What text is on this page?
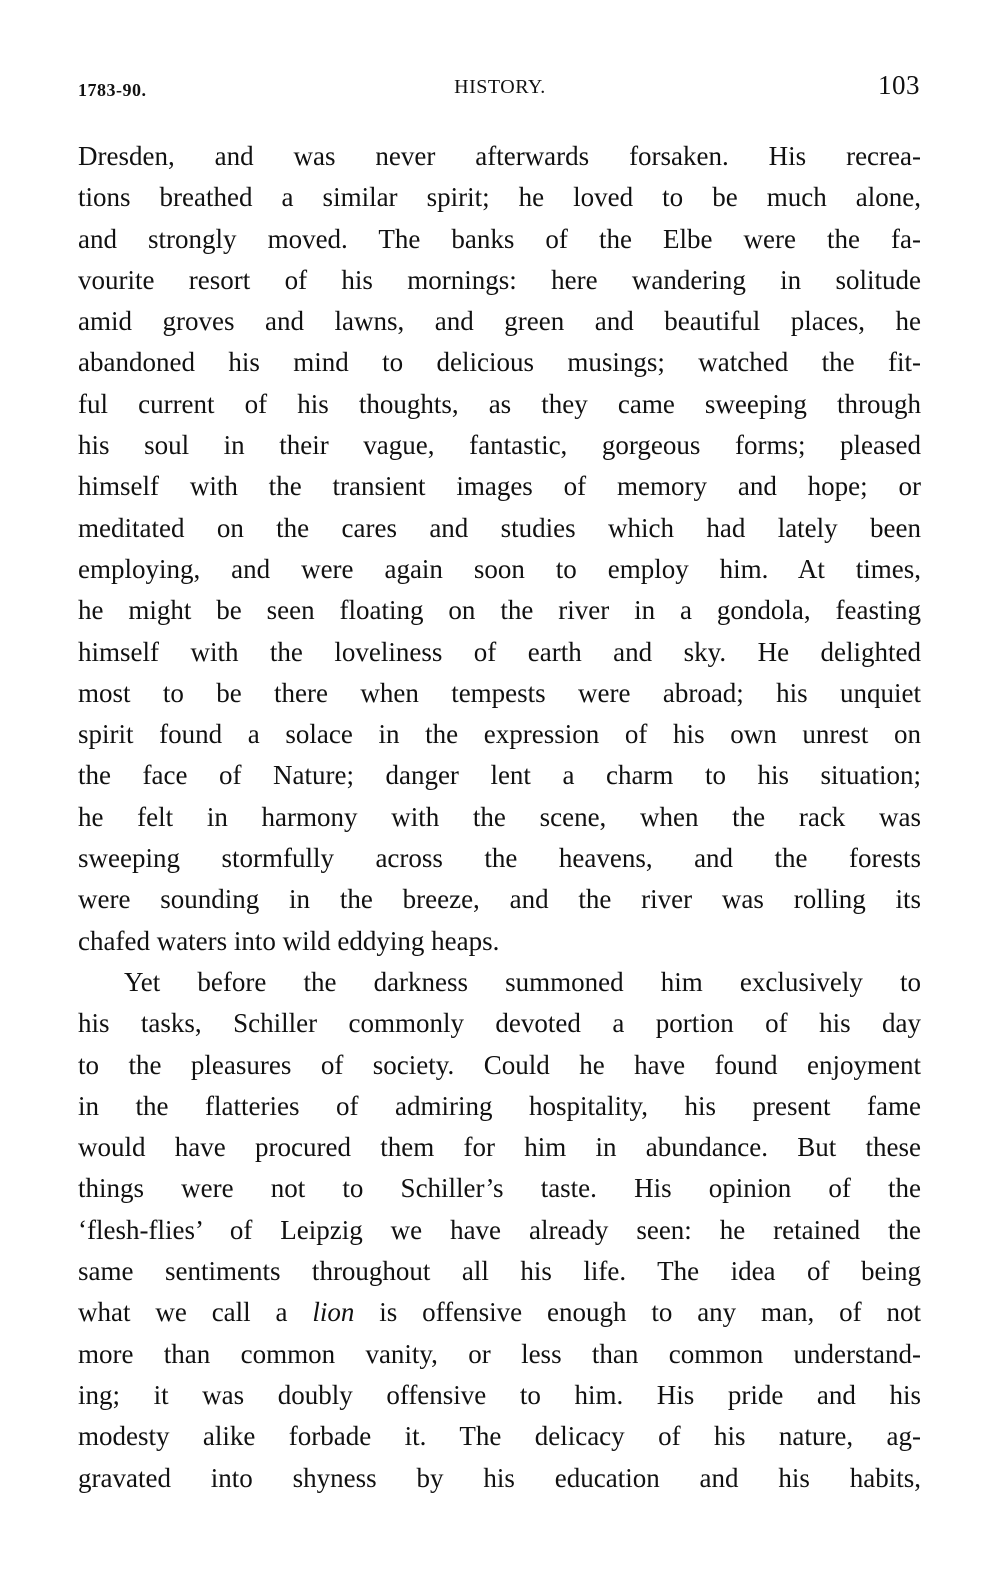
1783-90.	HISTORY.	103
Dresden, and was never afterwards forsaken. His recrea-
tions breathed a similar spirit; he loved to be much alone,
and strongly moved. The banks of the Elbe were the fa-
vourite resort of his mornings: here wandering in solitude
amid groves and lawns, and green and beautiful places, he
abandoned his mind to delicious musings; watched the fit-
ful current of his thoughts, as they came sweeping through
his soul in their vague, fantastic, gorgeous forms; pleased
himself with the transient images of memory and hope; or
meditated on the cares and studies which had lately been
employing, and were again soon to employ him. At times,
he might be seen floating on the river in a gondola, feasting
himself with the loveliness of earth and sky. He delighted
most to be there when tempests were abroad; his unquiet
spirit found a solace in the expression of his own unrest on
the face of Nature; danger lent a charm to his situation;
he felt in harmony with the scene, when the rack was
sweeping stormfully across the heavens, and the forests
were sounding in the breeze, and the river was rolling its
chafed waters into wild eddying heaps.
Yet before the darkness summoned him exclusively to
his tasks, Schiller commonly devoted a portion of his day
to the pleasures of society. Could he have found enjoyment
in the flatteries of admiring hospitality, his present fame
would have procured them for him in abundance. But these
things were not to Schiller’s taste. His opinion of the
‘flesh-flies’ of Leipzig we have already seen: he retained the
same sentiments throughout all his life. The idea of being
what we call a lion is offensive enough to any man, of not
more than common vanity, or less than common understand-
ing; it was doubly offensive to him. His pride and his
modesty alike forbade it. The delicacy of his nature, ag-
gravated into shyness by his education and his habits,
